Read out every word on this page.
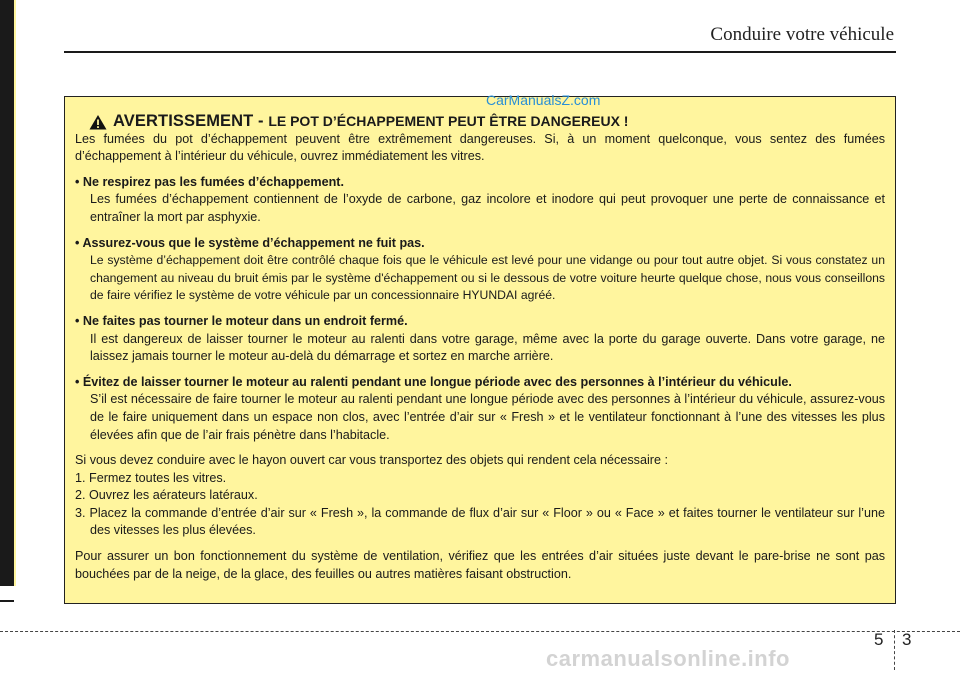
Conduire votre véhicule
AVERTISSEMENT - LE POT D’ÉCHAPPEMENT PEUT ÊTRE DANGEREUX !

Les fumées du pot d’échappement peuvent être extrêmement dangereuses. Si, à un moment quelconque, vous sentez des fumées d’échappement à l’intérieur du véhicule, ouvrez immédiatement les vitres.

• Ne respirez pas les fumées d’échappement.

Les fumées d’échappement contiennent de l’oxyde de carbone, gaz incolore et inodore qui peut provoquer une perte de connaissance et entraîner la mort par asphyxie.

• Assurez-vous que le système d’échappement ne fuit pas.

Le système d’échappement doit être contrôlé chaque fois que le véhicule est levé pour une vidange ou pour tout autre objet. Si vous constatez un changement au niveau du bruit émis par le système d'échappement ou si le dessous de votre voiture heurte quelque chose, nous vous conseillons de faire vérifiez le système de votre véhicule par un concessionnaire HYUNDAI agréé.

• Ne faites pas tourner le moteur dans un endroit fermé.

Il est dangereux de laisser tourner le moteur au ralenti dans votre garage, même avec la porte du garage ouverte. Dans votre garage, ne laissez jamais tourner le moteur au-delà du démarrage et sortez en marche arrière.

• Évitez de laisser tourner le moteur au ralenti pendant une longue période avec des personnes à l’intérieur du véhicule.

S’il est nécessaire de faire tourner le moteur au ralenti pendant une longue période avec des personnes à l’intérieur du véhicule, assurez-vous de le faire uniquement dans un espace non clos, avec l’entrée d’air sur « Fresh » et le ventilateur fonctionnant à l’une des vitesses les plus élevées afin que de l’air frais pénètre dans l’habitacle.

Si vous devez conduire avec le hayon ouvert car vous transportez des objets qui rendent cela nécessaire :

1. Fermez toutes les vitres.

2. Ouvrez les aérateurs latéraux.

3. Placez la commande d’entrée d’air sur « Fresh », la commande de flux d’air sur « Floor » ou « Face » et faites tourner le ventilateur sur l’une des vitesses les plus élevées.

Pour assurer un bon fonctionnement du système de ventilation, vérifiez que les entrées d’air situées juste devant le pare-brise ne sont pas bouchées par de la neige, de la glace, des feuilles ou autres matières faisant obstruction.

CarManualsZ.com
5 3
carmanualsonline.info
